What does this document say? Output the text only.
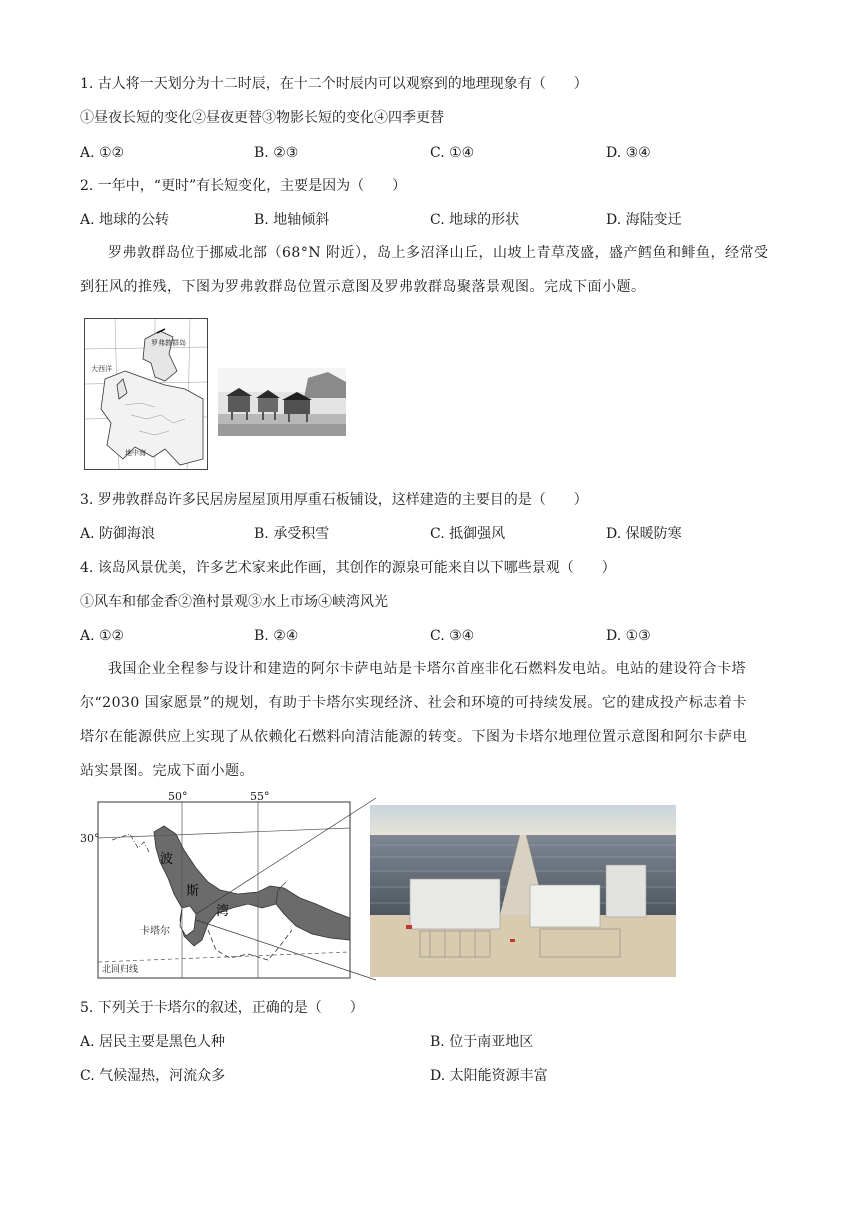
1. 古人将一天划分为十二时辰，在十二个时辰内可以观察到的地理现象有（　　）
①昼夜长短的变化②昼夜更替③物影长短的变化④四季更替
A. ①②	B. ②③	C. ①④	D. ③④
2. 一年中，“更时”有长短变化，主要是因为（　　）
A. 地球的公转	B. 地轴倾斜	C. 地球的形状	D. 海陆变迁
罗弗敦群岛位于挪威北部（68°N 附近），岛上多沼泽山丘，山坡上青草茂盛，盛产鳕鱼和鲱鱼，经常受
到狂风的推残，下图为罗弗敦群岛位置示意图及罗弗敦群岛聚落景观图。完成下面小题。
罗弗敦群岛
大西洋
地中海
3. 罗弗敦群岛许多民居房屋屋顶用厚重石板铺设，这样建造的主要目的是（　　）
A. 防御海浪	B. 承受积雪	C. 抵御强风	D. 保暖防寒
4. 该岛风景优美，许多艺术家来此作画，其创作的源泉可能来自以下哪些景观（　　）
①风车和郁金香②渔村景观③水上市场④峡湾风光
A. ①②	B. ②④	C. ③④	D. ①③
我国企业全程参与设计和建造的阿尔卡萨电站是卡塔尔首座非化石燃料发电站。电站的建设符合卡塔
尔“2030 国家愿景”的规划，有助于卡塔尔实现经济、社会和环境的可持续发展。它的建成投产标志着卡
塔尔在能源供应上实现了从依赖化石燃料向清洁能源的转变。下图为卡塔尔地理位置示意图和阿尔卡萨电
站实景图。完成下面小题。
50°	55°
30°
波
斯
湾
卡塔尔
北回归线
5. 下列关于卡塔尔的叙述，正确的是（　　）
A. 居民主要是黑色人种	B. 位于南亚地区
C. 气候湿热，河流众多	D. 太阳能资源丰富
